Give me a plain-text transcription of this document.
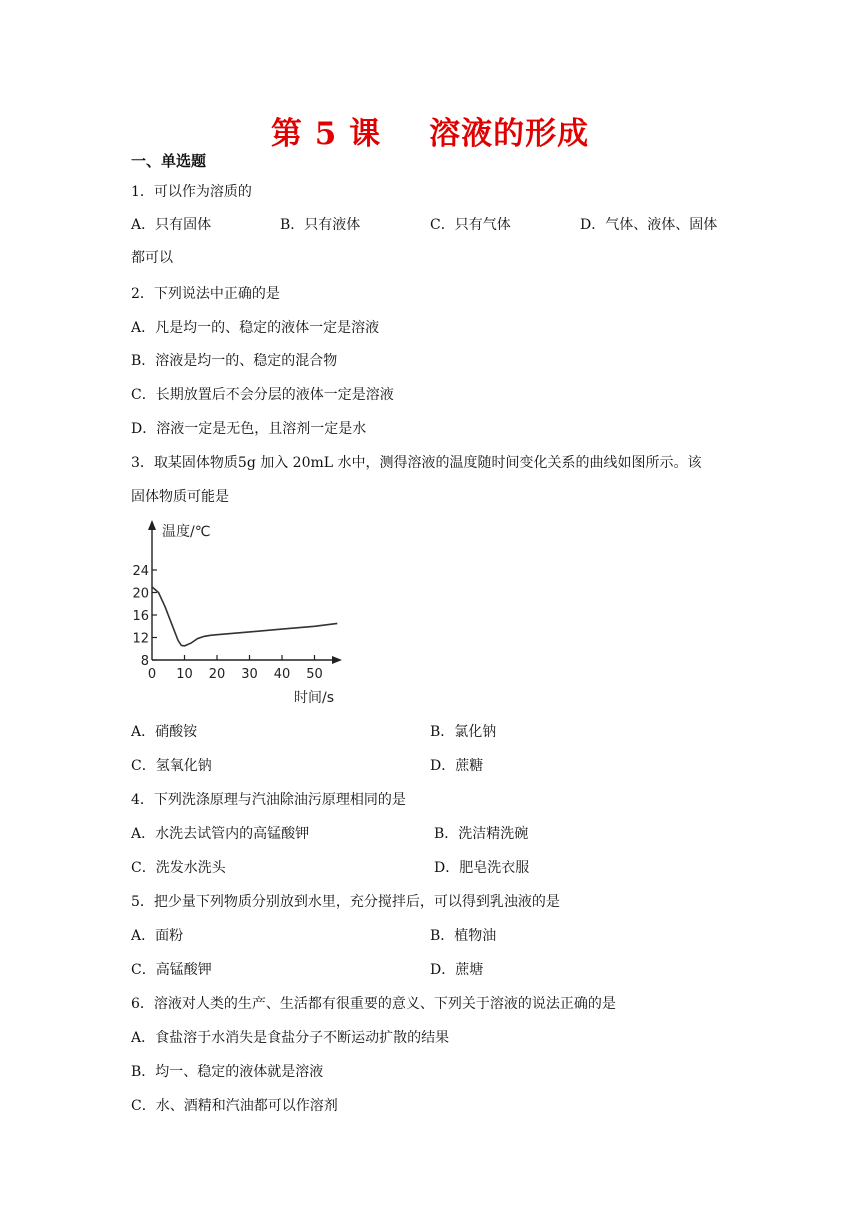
第 5 课 溶液的形成
一、单选题
1．可以作为溶质的
A．只有固体	B．只有液体	C．只有气体	D．气体、液体、固体
都可以
2．下列说法中正确的是
A．凡是均一的、稳定的液体一定是溶液
B．溶液是均一的、稳定的混合物
C．长期放置后不会分层的液体一定是溶液
D．溶液一定是无色，且溶剂一定是水
3．取某固体物质5g 加入 20mL 水中，测得溶液的温度随时间变化关系的曲线如图所示。该
固体物质可能是
温度/℃
时间/s
24
20
16
12
8
0 10 20 30 40 50
A．硝酸铵	B．氯化钠
C．氢氧化钠	D．蔗糖
4．下列洗涤原理与汽油除油污原理相同的是
A．水洗去试管内的高锰酸钾	B．洗洁精洗碗
C．洗发水洗头	D．肥皂洗衣服
5．把少量下列物质分别放到水里，充分搅拌后，可以得到乳浊液的是
A．面粉	B．植物油
C．高锰酸钾	D．蔗塘
6．溶液对人类的生产、生活都有很重要的意义、下列关于溶液的说法正确的是
A．食盐溶于水消失是食盐分子不断运动扩散的结果
B．均一、稳定的液体就是溶液
C．水、酒精和汽油都可以作溶剂
